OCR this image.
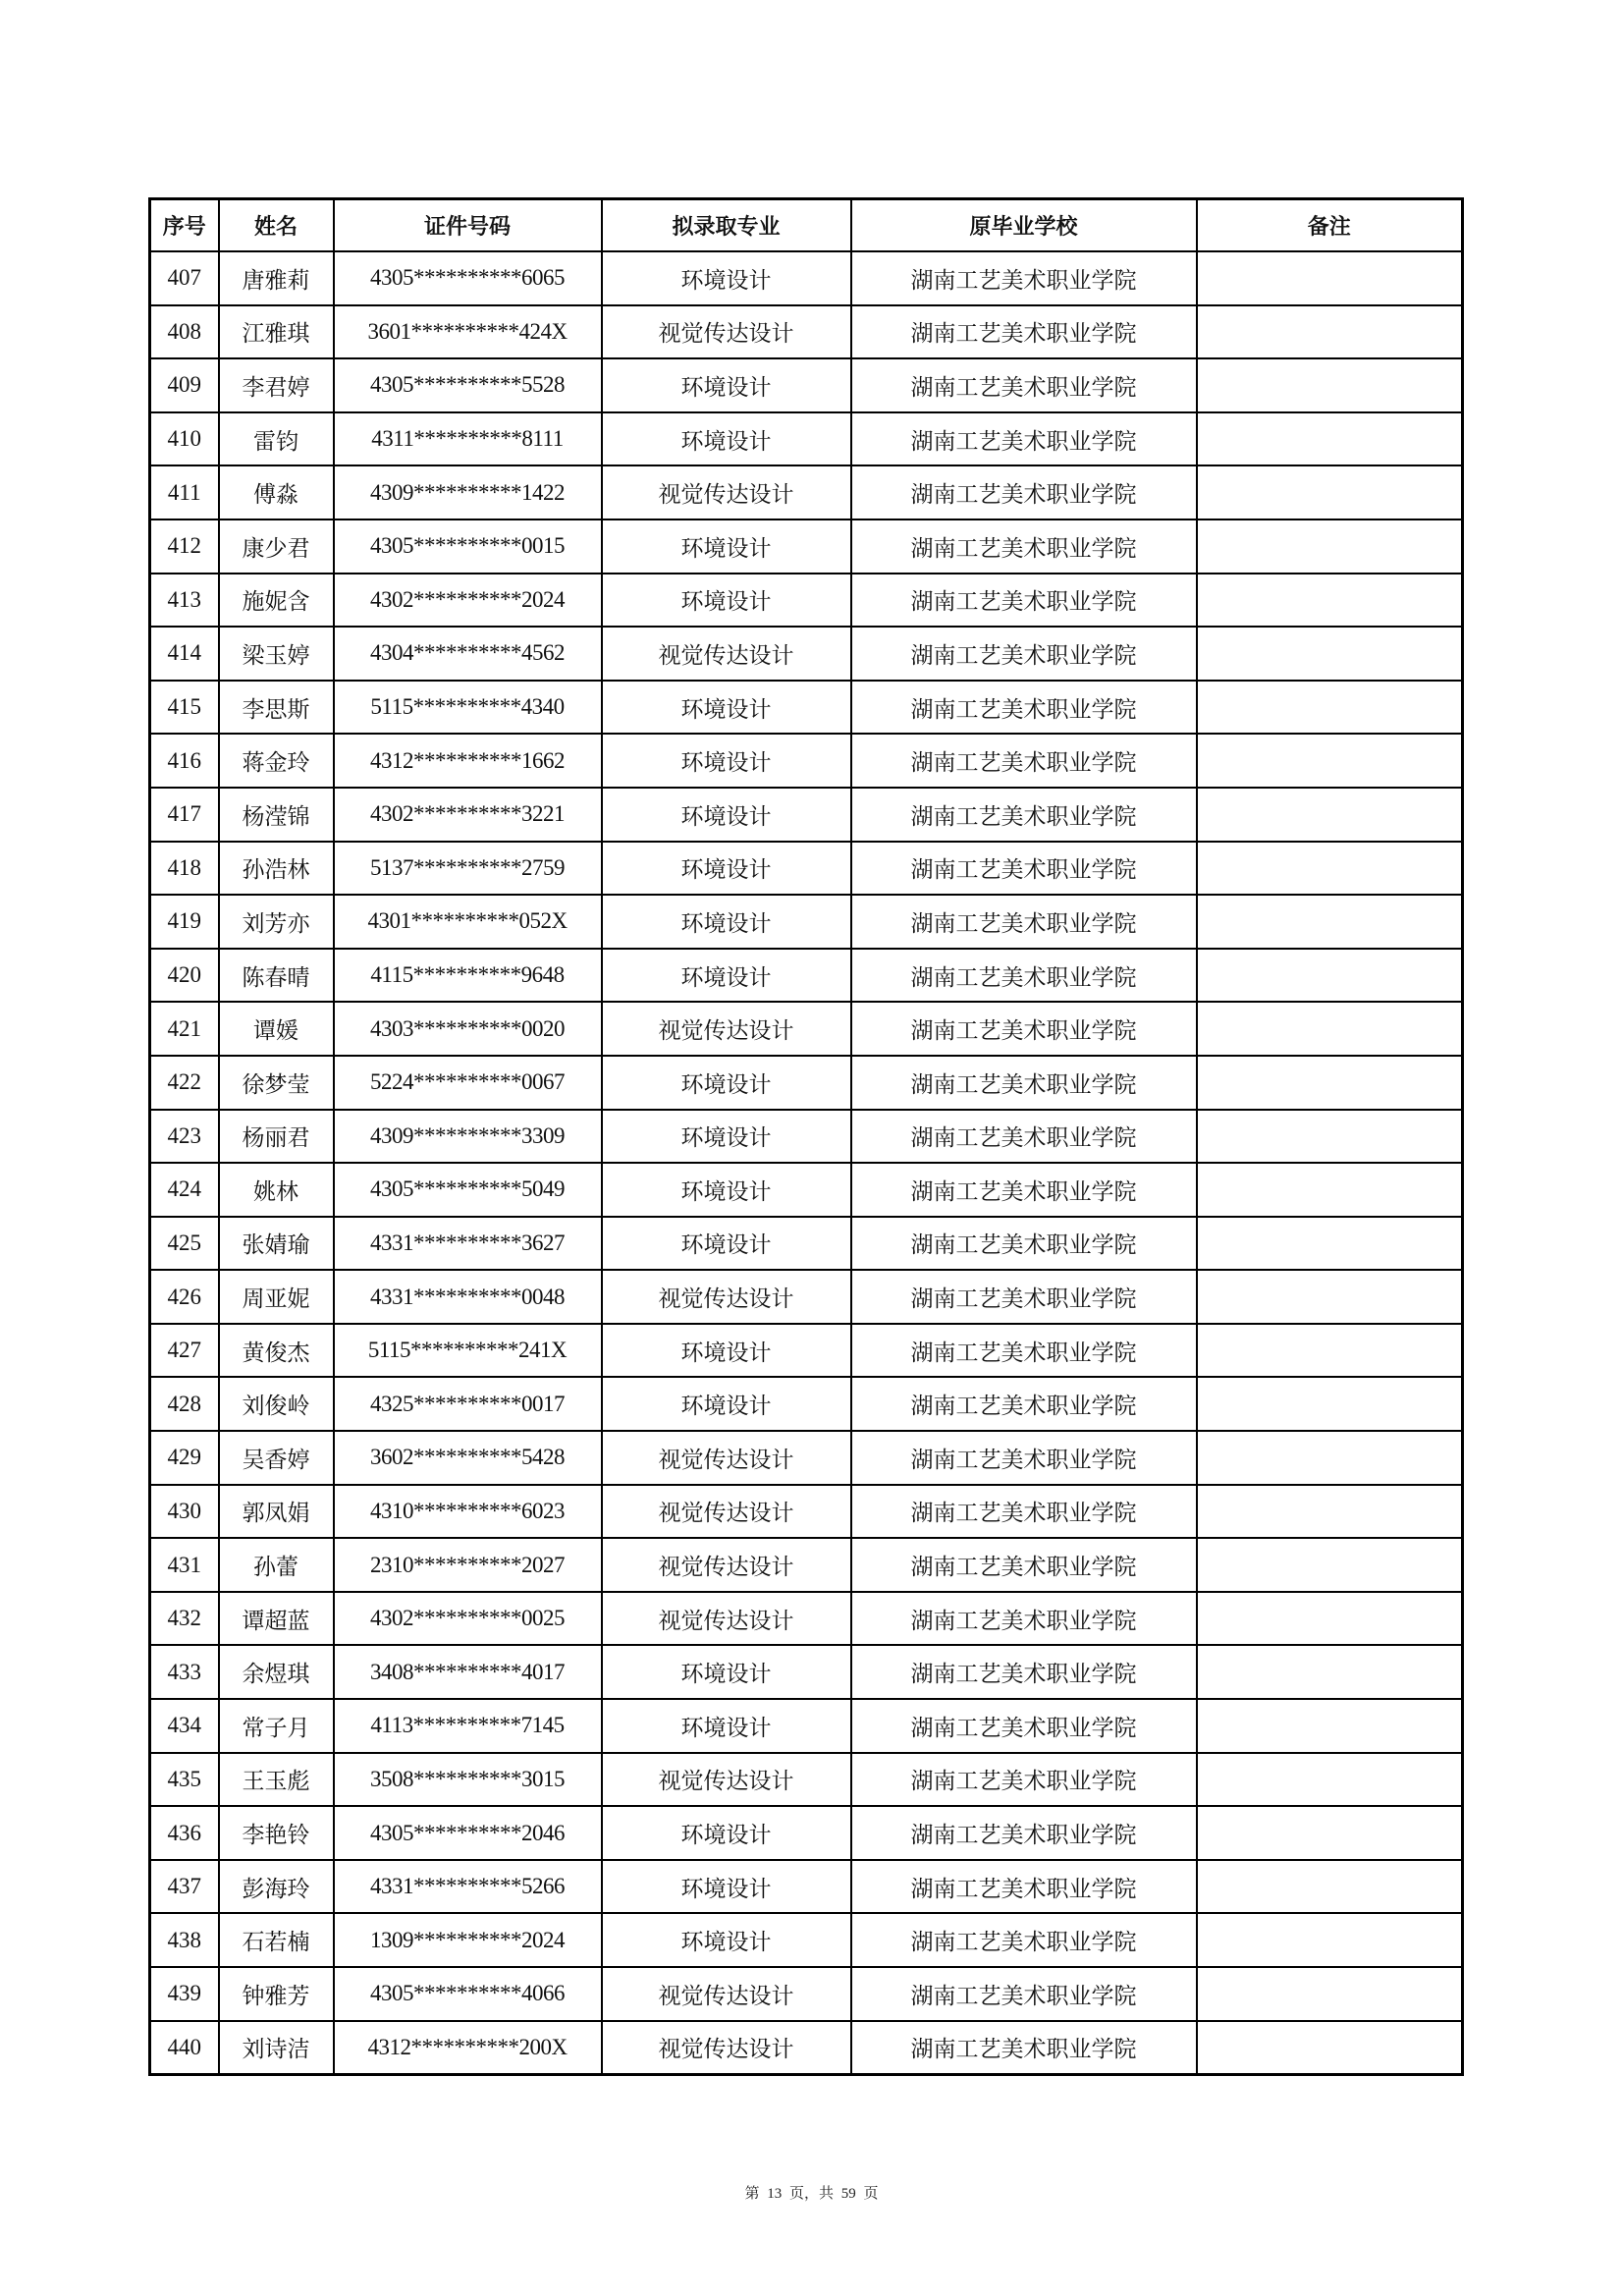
序号	姓名	证件号码	拟录取专业	原毕业学校	备注
407	唐雅莉	4305**********6065	环境设计	湖南工艺美术职业学院	
408	江雅琪	3601**********424X	视觉传达设计	湖南工艺美术职业学院	
409	李君婷	4305**********5528	环境设计	湖南工艺美术职业学院	
410	雷钧	4311**********8111	环境设计	湖南工艺美术职业学院	
411	傅淼	4309**********1422	视觉传达设计	湖南工艺美术职业学院	
412	康少君	4305**********0015	环境设计	湖南工艺美术职业学院	
413	施妮含	4302**********2024	环境设计	湖南工艺美术职业学院	
414	梁玉婷	4304**********4562	视觉传达设计	湖南工艺美术职业学院	
415	李思斯	5115**********4340	环境设计	湖南工艺美术职业学院	
416	蒋金玲	4312**********1662	环境设计	湖南工艺美术职业学院	
417	杨滢锦	4302**********3221	环境设计	湖南工艺美术职业学院	
418	孙浩林	5137**********2759	环境设计	湖南工艺美术职业学院	
419	刘芳亦	4301**********052X	环境设计	湖南工艺美术职业学院	
420	陈春晴	4115**********9648	环境设计	湖南工艺美术职业学院	
421	谭媛	4303**********0020	视觉传达设计	湖南工艺美术职业学院	
422	徐梦莹	5224**********0067	环境设计	湖南工艺美术职业学院	
423	杨丽君	4309**********3309	环境设计	湖南工艺美术职业学院	
424	姚林	4305**********5049	环境设计	湖南工艺美术职业学院	
425	张婧瑜	4331**********3627	环境设计	湖南工艺美术职业学院	
426	周亚妮	4331**********0048	视觉传达设计	湖南工艺美术职业学院	
427	黄俊杰	5115**********241X	环境设计	湖南工艺美术职业学院	
428	刘俊岭	4325**********0017	环境设计	湖南工艺美术职业学院	
429	吴香婷	3602**********5428	视觉传达设计	湖南工艺美术职业学院	
430	郭凤娟	4310**********6023	视觉传达设计	湖南工艺美术职业学院	
431	孙蕾	2310**********2027	视觉传达设计	湖南工艺美术职业学院	
432	谭超蓝	4302**********0025	视觉传达设计	湖南工艺美术职业学院	
433	余煜琪	3408**********4017	环境设计	湖南工艺美术职业学院	
434	常子月	4113**********7145	环境设计	湖南工艺美术职业学院	
435	王玉彪	3508**********3015	视觉传达设计	湖南工艺美术职业学院	
436	李艳铃	4305**********2046	环境设计	湖南工艺美术职业学院	
437	彭海玲	4331**********5266	环境设计	湖南工艺美术职业学院	
438	石若楠	1309**********2024	环境设计	湖南工艺美术职业学院	
439	钟雅芳	4305**********4066	视觉传达设计	湖南工艺美术职业学院	
440	刘诗洁	4312**********200X	视觉传达设计	湖南工艺美术职业学院	
第 13 页，共 59 页
